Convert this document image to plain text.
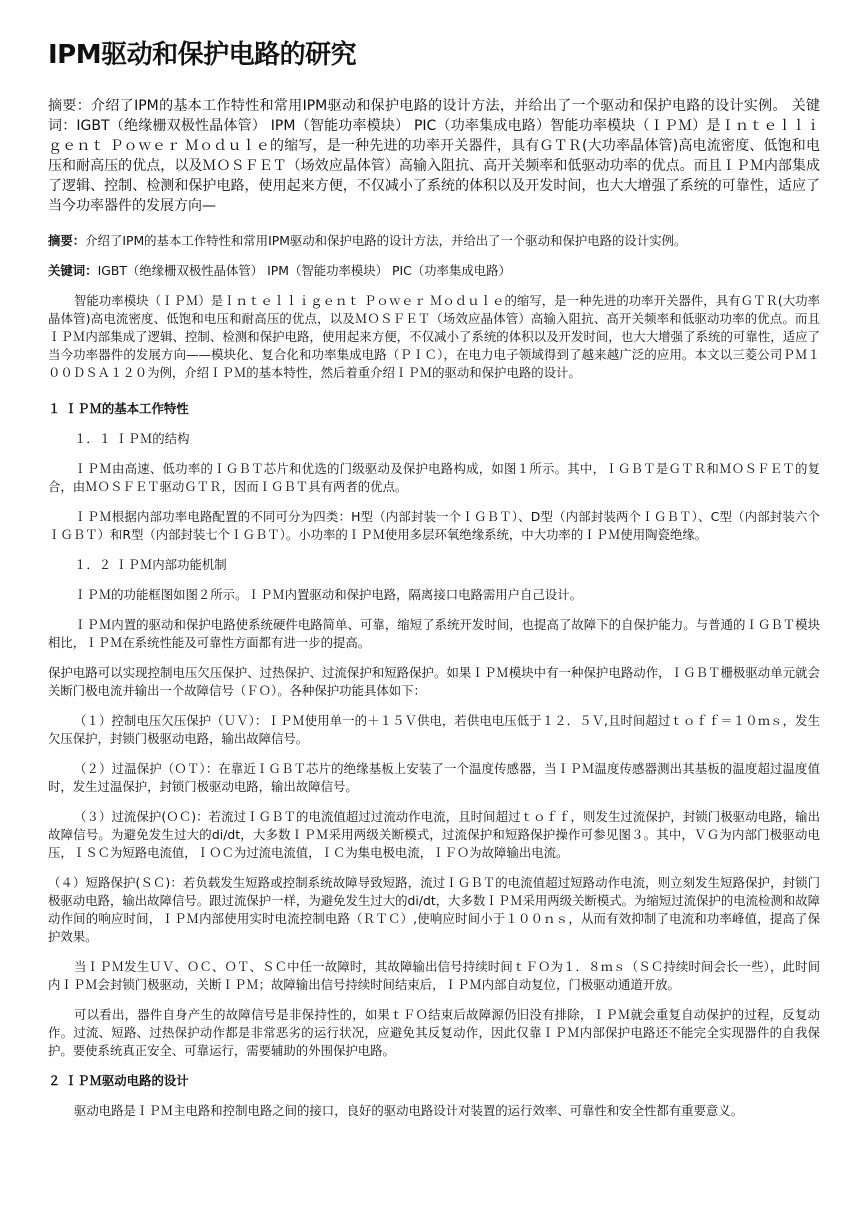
IPM驱动和保护电路的研究
摘要：介绍了IPM的基本工作特性和常用IPM驱动和保护电路的设计方法，并给出了一个驱动和保护电路的设计实例。 关键词：IGBT（绝缘栅双极性晶体管） IPM（智能功率模块） PIC（功率集成电路）智能功率模块（ＩＰＭ）是Ｉｎｔｅｌｌｉｇｅｎｔ Ｐｏｗｅｒ Ｍｏｄｕｌｅ的缩写，是一种先进的功率开关器件，具有ＧＴＲ(大功率晶体管)高电流密度、低饱和电压和耐高压的优点，以及ＭＯＳＦＥＴ（场效应晶体管）高输入阻抗、高开关频率和低驱动功率的优点。而且ＩＰＭ内部集成了逻辑、控制、检测和保护电路，使用起来方便，不仅减小了系统的体积以及开发时间，也大大增强了系统的可靠性，适应了当今功率器件的发展方向—

摘要：介绍了IPM的基本工作特性和常用IPM驱动和保护电路的设计方法，并给出了一个驱动和保护电路的设计实例。

关键词：IGBT（绝缘栅双极性晶体管） IPM（智能功率模块） PIC（功率集成电路）

智能功率模块（ＩＰＭ）是Ｉｎｔｅｌｌｉｇｅｎｔ Ｐｏｗｅｒ Ｍｏｄｕｌｅ的缩写，是一种先进的功率开关器件，具有ＧＴＲ(大功率晶体管)高电流密度、低饱和电压和耐高压的优点，以及ＭＯＳＦＥＴ（场效应晶体管）高输入阻抗、高开关频率和低驱动功率的优点。而且ＩＰＭ内部集成了逻辑、控制、检测和保护电路，使用起来方便，不仅减小了系统的体积以及开发时间，也大大增强了系统的可靠性，适应了当今功率器件的发展方向——模块化、复合化和功率集成电路（ＰＩＣ），在电力电子领域得到了越来越广泛的应用。本文以三菱公司ＰＭ１００ＤＳＡ１２０为例，介绍ＩＰＭ的基本特性，然后着重介绍ＩＰＭ的驱动和保护电路的设计。

１ ＩＰＭ的基本工作特性
１．１ ＩＰＭ的结构

ＩＰＭ由高速、低功率的ＩＧＢＴ芯片和优选的门级驱动及保护电路构成，如图１所示。其中，ＩＧＢＴ是ＧＴＲ和ＭＯＳＦＥＴ的复合，由ＭＯＳＦＥＴ驱动ＧＴＲ，因而ＩＧＢＴ具有两者的优点。

ＩＰＭ根据内部功率电路配置的不同可分为四类：H型（内部封装一个ＩＧＢＴ）、D型（内部封装两个ＩＧＢＴ）、C型（内部封装六个ＩＧＢＴ）和R型（内部封装七个ＩＧＢＴ）。小功率的ＩＰＭ使用多层环氧绝缘系统，中大功率的ＩＰＭ使用陶瓷绝缘。

１．２ ＩＰＭ内部功能机制

ＩＰＭ的功能框图如图２所示。ＩＰＭ内置驱动和保护电路，隔离接口电路需用户自己设计。

ＩＰＭ内置的驱动和保护电路使系统硬件电路简单、可靠，缩短了系统开发时间，也提高了故障下的自保护能力。与普通的ＩＧＢＴ模块相比，ＩＰＭ在系统性能及可靠性方面都有进一步的提高。

保护电路可以实现控制电压欠压保护、过热保护、过流保护和短路保护。如果ＩＰＭ模块中有一种保护电路动作，ＩＧＢＴ栅极驱动单元就会关断门极电流并输出一个故障信号（ＦＯ）。各种保护功能具体如下：

（１）控制电压欠压保护（ＵＶ）：ＩＰＭ使用单一的＋１５Ｖ供电，若供电电压低于１２．５Ｖ,且时间超过ｔｏｆｆ＝１０ｍｓ，发生欠压保护，封锁门极驱动电路，输出故障信号。

（２）过温保护（ＯＴ）：在靠近ＩＧＢＴ芯片的绝缘基板上安装了一个温度传感器，当ＩＰＭ温度传感器测出其基板的温度超过温度值时，发生过温保护，封锁门极驱动电路，输出故障信号。

（３）过流保护(ＯＣ)：若流过ＩＧＢＴ的电流值超过过流动作电流，且时间超过ｔｏｆｆ，则发生过流保护，封锁门极驱动电路，输出故障信号。为避免发生过大的di/dt，大多数ＩＰＭ采用两级关断模式，过流保护和短路保护操作可参见图３。其中，ＶＧ为内部门极驱动电压，ＩＳＣ为短路电流值，ＩＯＣ为过流电流值，ＩＣ为集电极电流，ＩＦＯ为故障输出电流。

（４）短路保护(ＳＣ)：若负载发生短路或控制系统故障导致短路，流过ＩＧＢＴ的电流值超过短路动作电流，则立刻发生短路保护，封锁门极驱动电路，输出故障信号。跟过流保护一样，为避免发生过大的di/dt，大多数ＩＰＭ采用两级关断模式。为缩短过流保护的电流检测和故障动作间的响应时间，ＩＰＭ内部使用实时电流控制电路（ＲＴＣ）,使响应时间小于１００ｎｓ，从而有效抑制了电流和功率峰值，提高了保护效果。

当ＩＰＭ发生ＵＶ、ＯＣ、ＯＴ、ＳＣ中任一故障时，其故障输出信号持续时间ｔＦＯ为１．８ｍｓ（ＳＣ持续时间会长一些），此时间内ＩＰＭ会封锁门极驱动，关断ＩＰＭ；故障输出信号持续时间结束后，ＩＰＭ内部自动复位，门极驱动通道开放。

可以看出，器件自身产生的故障信号是非保持性的，如果ｔＦＯ结束后故障源仍旧没有排除，ＩＰＭ就会重复自动保护的过程，反复动作。过流、短路、过热保护动作都是非常恶劣的运行状况，应避免其反复动作，因此仅靠ＩＰＭ内部保护电路还不能完全实现器件的自我保护。要使系统真正安全、可靠运行，需要辅助的外围保护电路。

２ ＩＰＭ驱动电路的设计

驱动电路是ＩＰＭ主电路和控制电路之间的接口，良好的驱动电路设计对装置的运行效率、可靠性和安全性都有重要意义。
